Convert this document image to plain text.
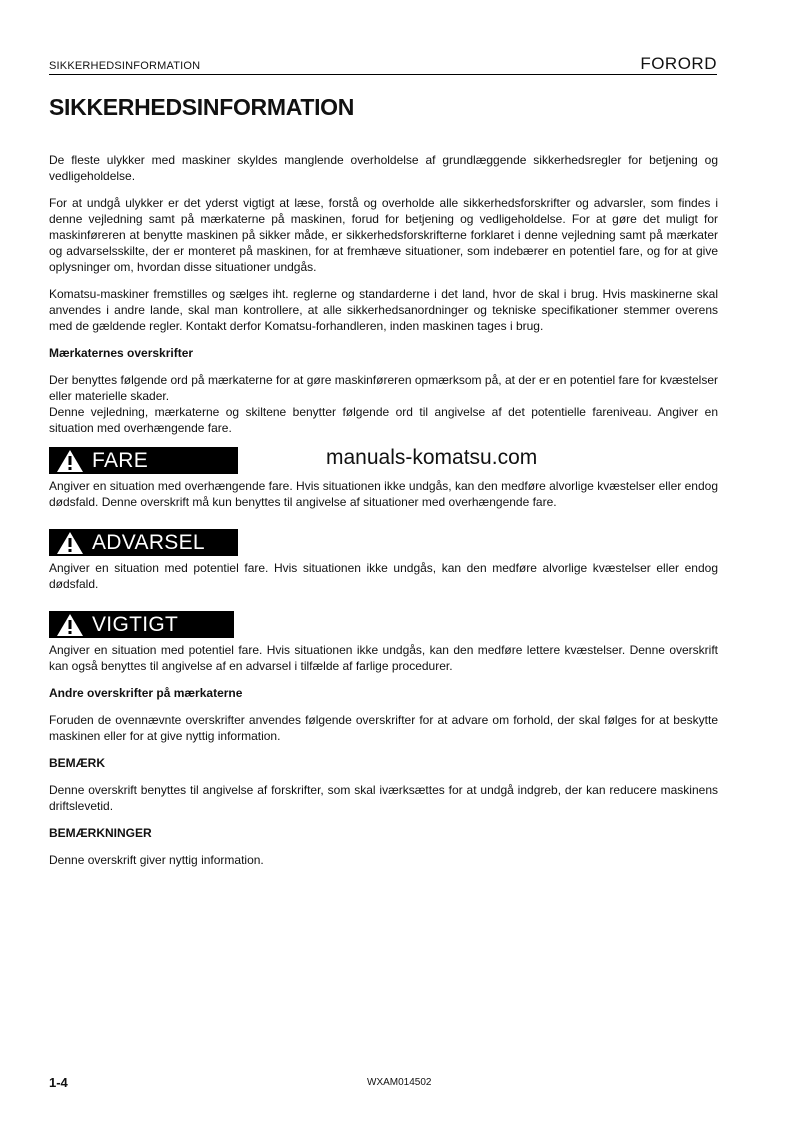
SIKKERHEDSINFORMATION	FORORD
SIKKERHEDSINFORMATION

De fleste ulykker med maskiner skyldes manglende overholdelse af grundlæggende sikkerhedsregler for betjening og vedligeholdelse.

For at undgå ulykker er det yderst vigtigt at læse, forstå og overholde alle sikkerhedsforskrifter og advarsler, som findes i denne vejledning samt på mærkaterne på maskinen, forud for betjening og vedligeholdelse. For at gøre det muligt for maskinføreren at benytte maskinen på sikker måde, er sikkerhedsforskrifterne forklaret i denne vejledning samt på mærkater og advarselsskilte, der er monteret på maskinen, for at fremhæve situationer, som indebærer en potentiel fare, og for at give oplysninger om, hvordan disse situationer undgås.

Komatsu-maskiner fremstilles og sælges iht. reglerne og standarderne i det land, hvor de skal i brug. Hvis maskinerne skal anvendes i andre lande, skal man kontrollere, at alle sikkerhedsanordninger og tekniske specifikationer stemmer overens med de gældende regler. Kontakt derfor Komatsu-forhandleren, inden maskinen tages i brug.

Mærkaternes overskrifter

Der benyttes følgende ord på mærkaterne for at gøre maskinføreren opmærksom på, at der er en potentiel fare for kvæstelser eller materielle skader.

Denne vejledning, mærkaterne og skiltene benytter følgende ord til angivelse af det potentielle fareniveau. Angiver en situation med overhængende fare.

FARE	manuals-komatsu.com

Angiver en situation med overhængende fare. Hvis situationen ikke undgås, kan den medføre alvorlige kvæstelser eller endog dødsfald. Denne overskrift må kun benyttes til angivelse af situationer med overhængende fare.

ADVARSEL

Angiver en situation med potentiel fare. Hvis situationen ikke undgås, kan den medføre alvorlige kvæstelser eller endog dødsfald.

VIGTIGT

Angiver en situation med potentiel fare. Hvis situationen ikke undgås, kan den medføre lettere kvæstelser. Denne overskrift kan også benyttes til angivelse af en advarsel i tilfælde af farlige procedurer.

Andre overskrifter på mærkaterne

Foruden de ovennævnte overskrifter anvendes følgende overskrifter for at advare om forhold, der skal følges for at beskytte maskinen eller for at give nyttig information.

BEMÆRK

Denne overskrift benyttes til angivelse af forskrifter, som skal iværksættes for at undgå indgreb, der kan reducere maskinens driftslevetid.

BEMÆRKNINGER

Denne overskrift giver nyttig information.

1-4	WXAM014502
